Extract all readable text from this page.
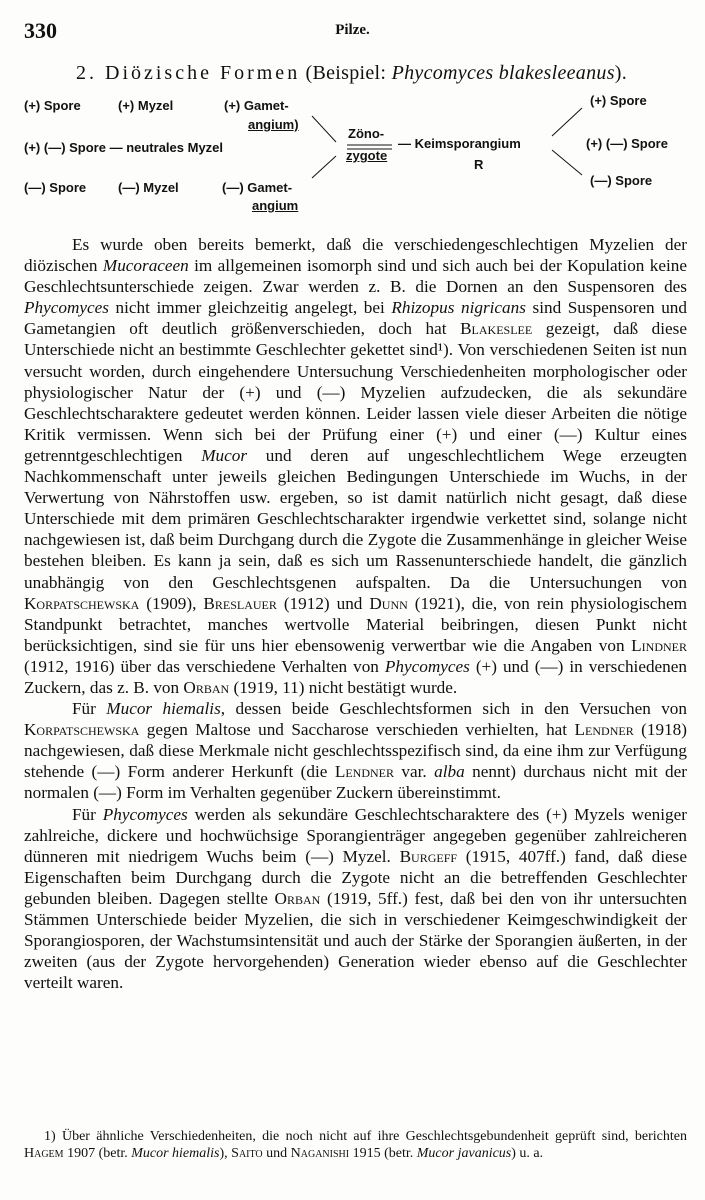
330	Pilze.
2. Diözische Formen (Beispiel: Phycomyces blakesleeanus).
(+) Spore	(+) Myzel	(+) Gamet-
angium)
(+) (—) Spore — neutrales Myzel
(—) Spore (—) Myzel	(—) Gamet-
angium
Zöno-
zygote
— Keimsporangium
R
(+) Spore
(+) (—) Spore
(—) Spore

Es wurde oben bereits bemerkt, daß die verschiedengeschlechtigen Myzelien der diözischen Mucoraceen im allgemeinen isomorph sind und sich auch bei der Kopulation keine Geschlechtsunterschiede zeigen. Zwar werden z. B. die Dornen an den Suspensoren des Phycomyces nicht immer gleichzeitig angelegt, bei Rhizopus nigricans sind Suspensoren und Gametangien oft deutlich größenverschieden, doch hat Blakeslee gezeigt, daß diese Unterschiede nicht an bestimmte Geschlechter gekettet sind¹). Von verschiedenen Seiten ist nun versucht worden, durch eingehendere Untersuchung Verschiedenheiten morphologischer oder physiologischer Natur der (+) und (—) Myzelien aufzudecken, die als sekundäre Geschlechtscharaktere gedeutet werden können. Leider lassen viele dieser Arbeiten die nötige Kritik vermissen. Wenn sich bei der Prüfung einer (+) und einer (—) Kultur eines getrenntgeschlechtigen Mucor und deren auf ungeschlechtlichem Wege erzeugten Nachkommenschaft unter jeweils gleichen Bedingungen Unterschiede im Wuchs, in der Verwertung von Nährstoffen usw. ergeben, so ist damit natürlich nicht gesagt, daß diese Unterschiede mit dem primären Geschlechtscharakter irgendwie verkettet sind, solange nicht nachgewiesen ist, daß beim Durchgang durch die Zygote die Zusammenhänge in gleicher Weise bestehen bleiben. Es kann ja sein, daß es sich um Rassenunterschiede handelt, die gänzlich unabhängig von den Geschlechtsgenen aufspalten. Da die Untersuchungen von Korpatschewska (1909), Breslauer (1912) und Dunn (1921), die, von rein physiologischem Standpunkt betrachtet, manches wertvolle Material beibringen, diesen Punkt nicht berücksichtigen, sind sie für uns hier ebensowenig verwertbar wie die Angaben von Lindner (1912, 1916) über das verschiedene Verhalten von Phycomyces (+) und (—) in verschiedenen Zuckern, das z. B. von Orban (1919, 11) nicht bestätigt wurde.

Für Mucor hiemalis, dessen beide Geschlechtsformen sich in den Versuchen von Korpatschewska gegen Maltose und Saccharose verschieden verhielten, hat Lendner (1918) nachgewiesen, daß diese Merkmale nicht geschlechtsspezifisch sind, da eine ihm zur Verfügung stehende (—) Form anderer Herkunft (die Lendner var. alba nennt) durchaus nicht mit der normalen (—) Form im Verhalten gegenüber Zuckern übereinstimmt.

Für Phycomyces werden als sekundäre Geschlechtscharaktere des (+) Myzels weniger zahlreiche, dickere und hochwüchsige Sporangienträger angegeben gegenüber zahlreicheren dünneren mit niedrigem Wuchs beim (—) Myzel. Burgeff (1915, 407ff.) fand, daß diese Eigenschaften beim Durchgang durch die Zygote nicht an die betreffenden Geschlechter gebunden bleiben. Dagegen stellte Orban (1919, 5ff.) fest, daß bei den von ihr untersuchten Stämmen Unterschiede beider Myzelien, die sich in verschiedener Keimgeschwindigkeit der Sporangiosporen, der Wachstumsintensität und auch der Stärke der Sporangien äußerten, in der zweiten (aus der Zygote hervorgehenden) Generation wieder ebenso auf die Geschlechter verteilt waren.

1) Über ähnliche Verschiedenheiten, die noch nicht auf ihre Geschlechtsgebundenheit geprüft sind, berichten Hagem 1907 (betr. Mucor hiemalis), Saito und Naganishi 1915 (betr. Mucor javanicus) u. a.
